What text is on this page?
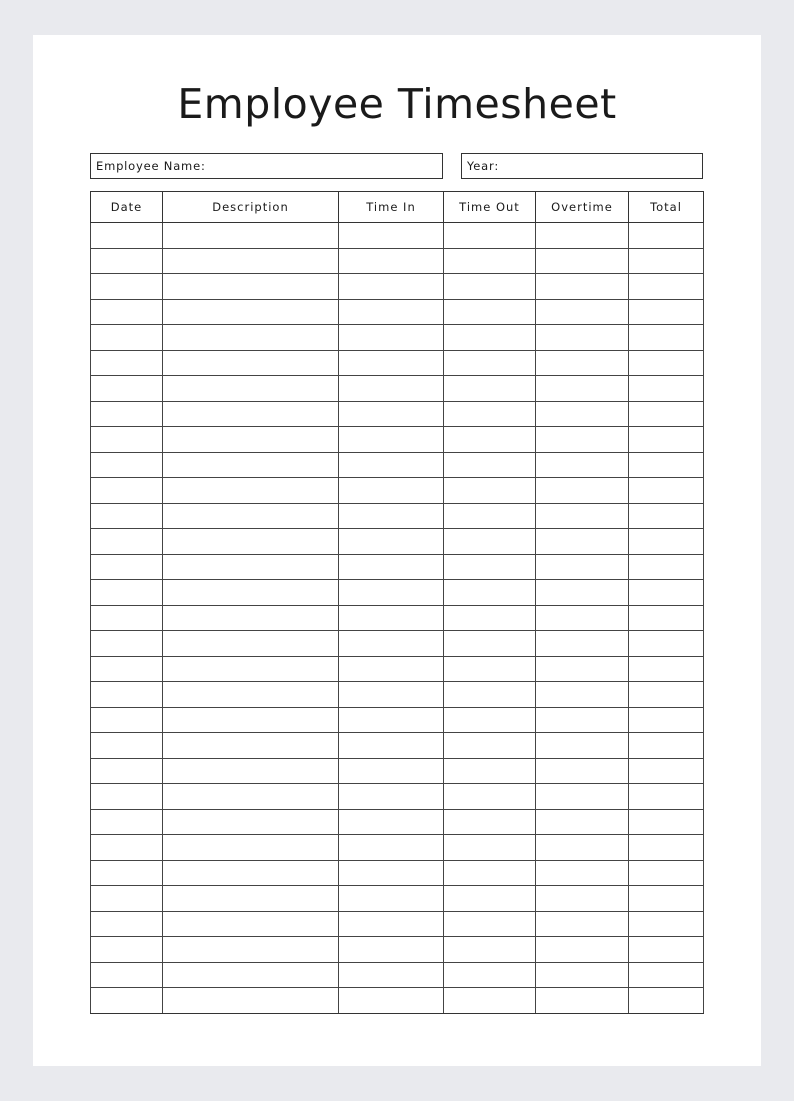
Employee Timesheet
Employee Name:	Year:
Date	Description	Time In	Time Out	Overtime	Total
